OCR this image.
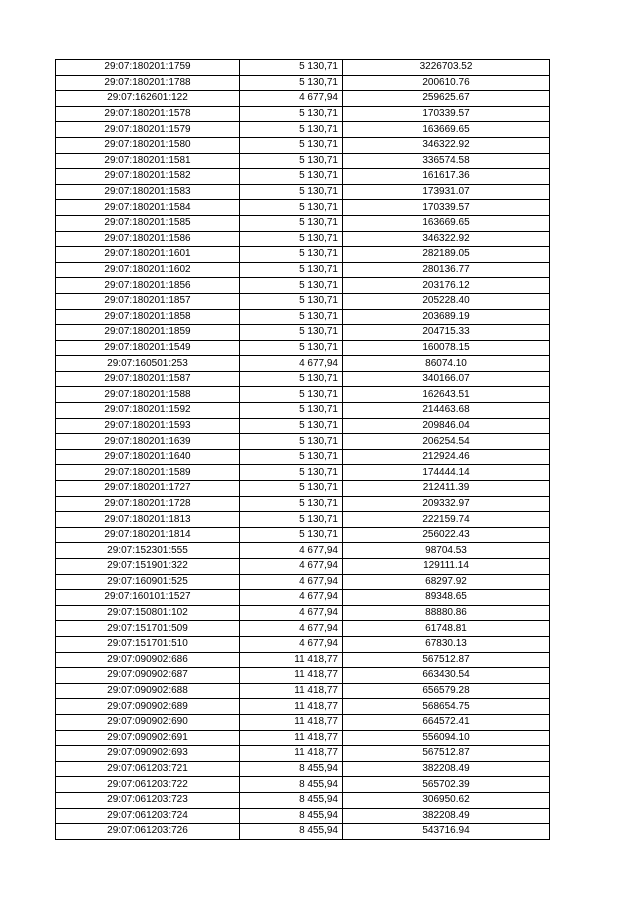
29:07:180201:1759	5 130,71	3226703.52
29:07:180201:1788	5 130,71	200610.76
29:07:162601:122	4 677,94	259625.67
29:07:180201:1578	5 130,71	170339.57
29:07:180201:1579	5 130,71	163669.65
29:07:180201:1580	5 130,71	346322.92
29:07:180201:1581	5 130,71	336574.58
29:07:180201:1582	5 130,71	161617.36
29:07:180201:1583	5 130,71	173931.07
29:07:180201:1584	5 130,71	170339.57
29:07:180201:1585	5 130,71	163669.65
29:07:180201:1586	5 130,71	346322.92
29:07:180201:1601	5 130,71	282189.05
29:07:180201:1602	5 130,71	280136.77
29:07:180201:1856	5 130,71	203176.12
29:07:180201:1857	5 130,71	205228.40
29:07:180201:1858	5 130,71	203689.19
29:07:180201:1859	5 130,71	204715.33
29:07:180201:1549	5 130,71	160078.15
29:07:160501:253	4 677,94	86074.10
29:07:180201:1587	5 130,71	340166.07
29:07:180201:1588	5 130,71	162643.51
29:07:180201:1592	5 130,71	214463.68
29:07:180201:1593	5 130,71	209846.04
29:07:180201:1639	5 130,71	206254.54
29:07:180201:1640	5 130,71	212924.46
29:07:180201:1589	5 130,71	174444.14
29:07:180201:1727	5 130,71	212411.39
29:07:180201:1728	5 130,71	209332.97
29:07:180201:1813	5 130,71	222159.74
29:07:180201:1814	5 130,71	256022.43
29:07:152301:555	4 677,94	98704.53
29:07:151901:322	4 677,94	129111.14
29:07:160901:525	4 677,94	68297.92
29:07:160101:1527	4 677,94	89348.65
29:07:150801:102	4 677,94	88880.86
29:07:151701:509	4 677,94	61748.81
29:07:151701:510	4 677,94	67830.13
29:07:090902:686	11 418,77	567512.87
29:07:090902:687	11 418,77	663430.54
29:07:090902:688	11 418,77	656579.28
29:07:090902:689	11 418,77	568654.75
29:07:090902:690	11 418,77	664572.41
29:07:090902:691	11 418,77	556094.10
29:07:090902:693	11 418,77	567512.87
29:07:061203:721	8 455,94	382208.49
29:07:061203:722	8 455,94	565702.39
29:07:061203:723	8 455,94	306950.62
29:07:061203:724	8 455,94	382208.49
29:07:061203:726	8 455,94	543716.94
